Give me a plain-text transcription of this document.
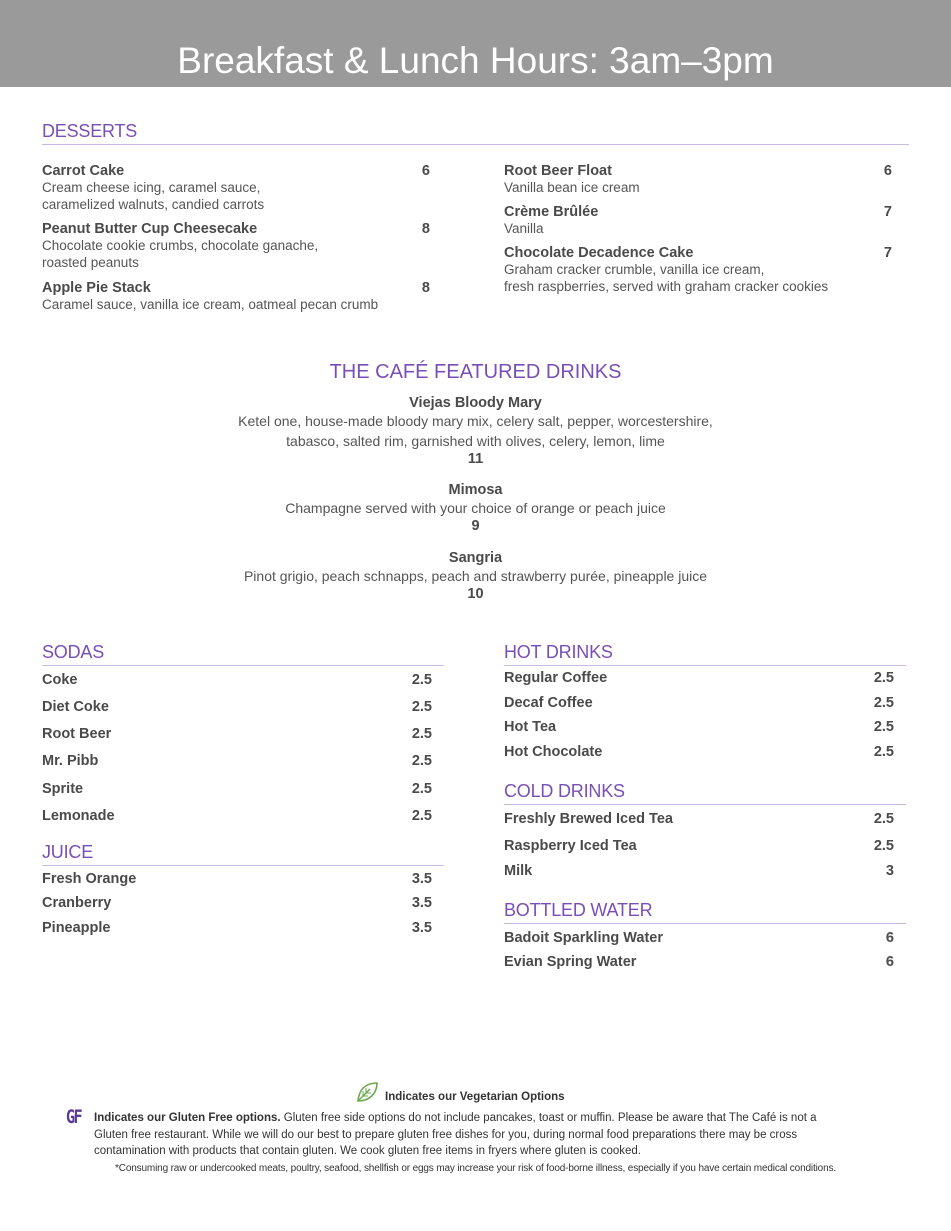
Breakfast & Lunch Hours: 3am–3pm
DESSERTS
Carrot Cake
Cream cheese icing, caramel sauce,
caramelized walnuts, candied carrots
6
Peanut Butter Cup Cheesecake
Chocolate cookie crumbs, chocolate ganache,
roasted peanuts
8
Apple Pie Stack
Caramel sauce, vanilla ice cream, oatmeal pecan crumb
8
Root Beer Float
Vanilla bean ice cream
6
Crème Brûlée
Vanilla
7
Chocolate Decadence Cake
Graham cracker crumble, vanilla ice cream,
fresh raspberries, served with graham cracker cookies
7
THE CAFÉ FEATURED DRINKS
Viejas Bloody Mary
Ketel one, house-made bloody mary mix, celery salt, pepper, worcestershire,
tabasco, salted rim, garnished with olives, celery, lemon, lime
11
Mimosa
Champagne served with your choice of orange or peach juice
9
Sangria
Pinot grigio, peach schnapps, peach and strawberry purée, pineapple juice
10
SODAS
Coke	2.5
Diet Coke	2.5
Root Beer	2.5
Mr. Pibb	2.5
Sprite	2.5
Lemonade	2.5
JUICE
Fresh Orange	3.5
Cranberry	3.5
Pineapple	3.5
HOT DRINKS
Regular Coffee	2.5
Decaf Coffee	2.5
Hot Tea	2.5
Hot Chocolate	2.5
COLD DRINKS
Freshly Brewed Iced Tea	2.5
Raspberry Iced Tea	2.5
Milk	3
BOTTLED WATER
Badoit Sparkling Water	6
Evian Spring Water	6
Indicates our Vegetarian Options
GF Indicates our Gluten Free options. Gluten free side options do not include pancakes, toast or muffin. Please be aware that The Café is not a
Gluten free restaurant. While we will do our best to prepare gluten free dishes for you, during normal food preparations there may be cross
contamination with products that contain gluten. We cook gluten free items in fryers where gluten is cooked.
*Consuming raw or undercooked meats, poultry, seafood, shellfish or eggs may increase your risk of food-borne illness, especially if you have certain medical conditions.
